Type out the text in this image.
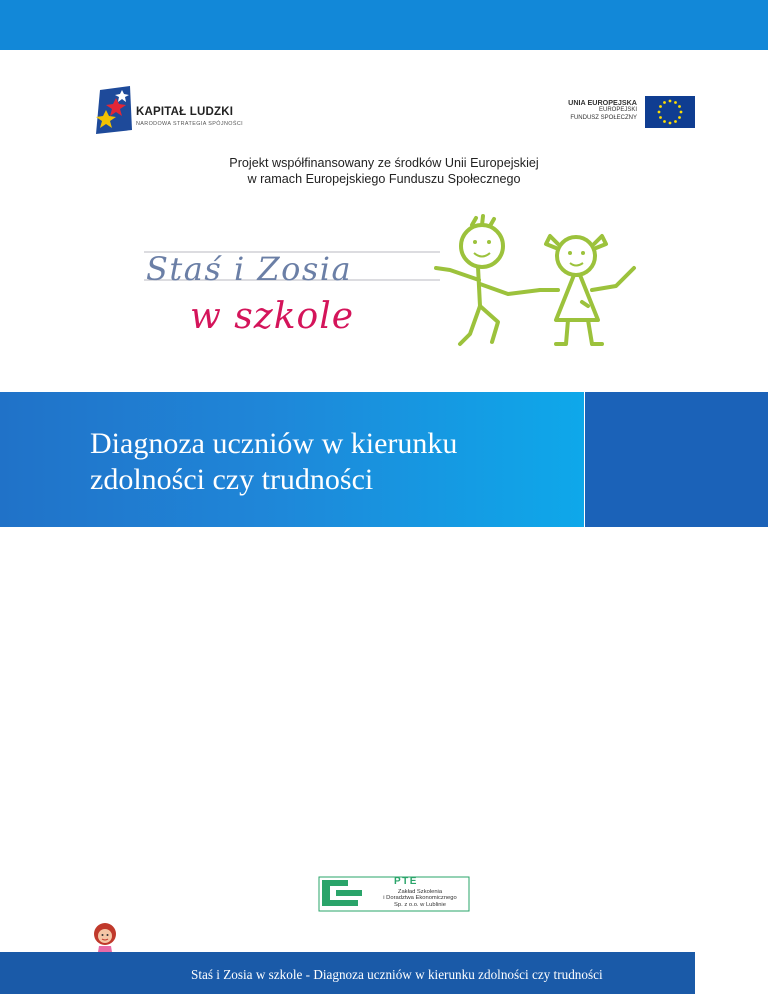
KAPITAŁ LUDZKI
NARODOWA STRATEGIA SPÓJNOŚCI
UNIA EUROPEJSKA
EUROPEJSKI
FUNDUSZ SPOŁECZNY
Projekt współfinansowany ze środków Unii Europejskiej
w ramach Europejskiego Funduszu Społecznego
Staś i Zosia
w szkole
Diagnoza uczniów w kierunku zdolności czy trudności
PTE
Zakład Szkolenia
i Doradztwa Ekonomicznego
Sp. z o.o. w Lublinie
Staś i Zosia w szkole - Diagnoza uczniów w kierunku zdolności czy trudności
